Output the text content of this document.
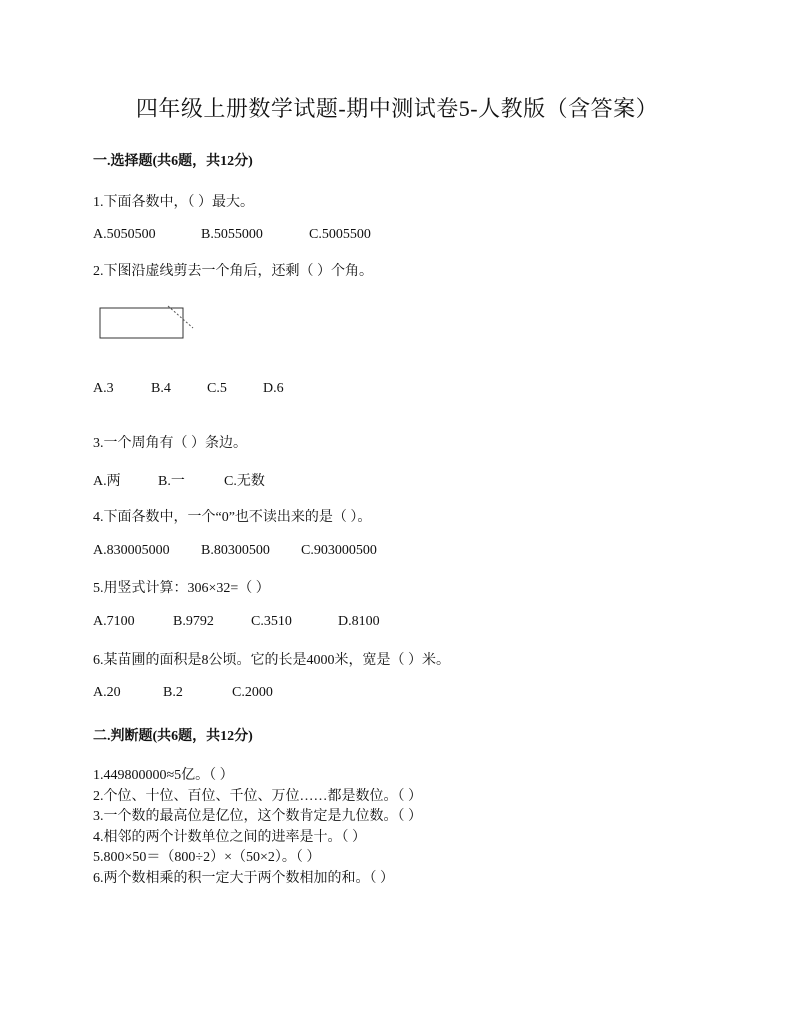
四年级上册数学试题-期中测试卷5-人教版（含答案）
一.选择题(共6题，共12分)
1.下面各数中，（ ）最大。
A.5050500	B.5055000	C.5005500
2.下图沿虚线剪去一个角后，还剩（ ）个角。
A.3	B.4	C.5	D.6
3.一个周角有（ ）条边。
A.两	B.一	C.无数
4.下面各数中，一个“0”也不读出来的是（ ）。
A.830005000 B.80300500 C.903000500
5.用竖式计算：306×32=（ ）
A.7100	B.9792	C.3510	D.8100
6.某苗圃的面积是8公顷。它的长是4000米，宽是（ ）米。
A.20	B.2	C.2000
二.判断题(共6题，共12分)
1.449800000≈5亿。（ ）
2.个位、十位、百位、千位、万位……都是数位。（ ）
3.一个数的最高位是亿位，这个数肯定是九位数。（ ）
4.相邻的两个计数单位之间的进率是十。（ ）
5.800×50＝（800÷2）×（50×2）。（ ）
6.两个数相乘的积一定大于两个数相加的和。（ ）
